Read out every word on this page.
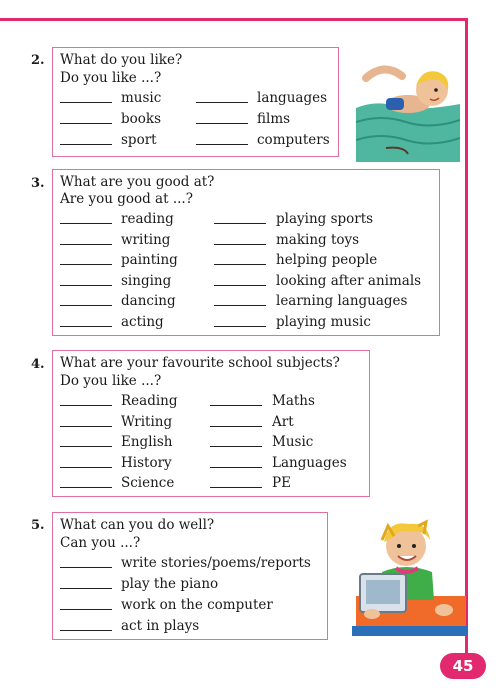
2. What do you like?
Do you like ...?
music	languages
books	films
sport	computers
3. What are you good at?
Are you good at ...?
reading	playing sports
writing	making toys
painting	helping people
singing	looking after animals
dancing	learning languages
acting	playing music
4. What are your favourite school subjects?
Do you like ...?
Reading	Maths
Writing	Art
English	Music
History	Languages
Science	PE
5. What can you do well?
Can you ...?
write stories/poems/reports
play the piano
work on the computer
act in plays
45
